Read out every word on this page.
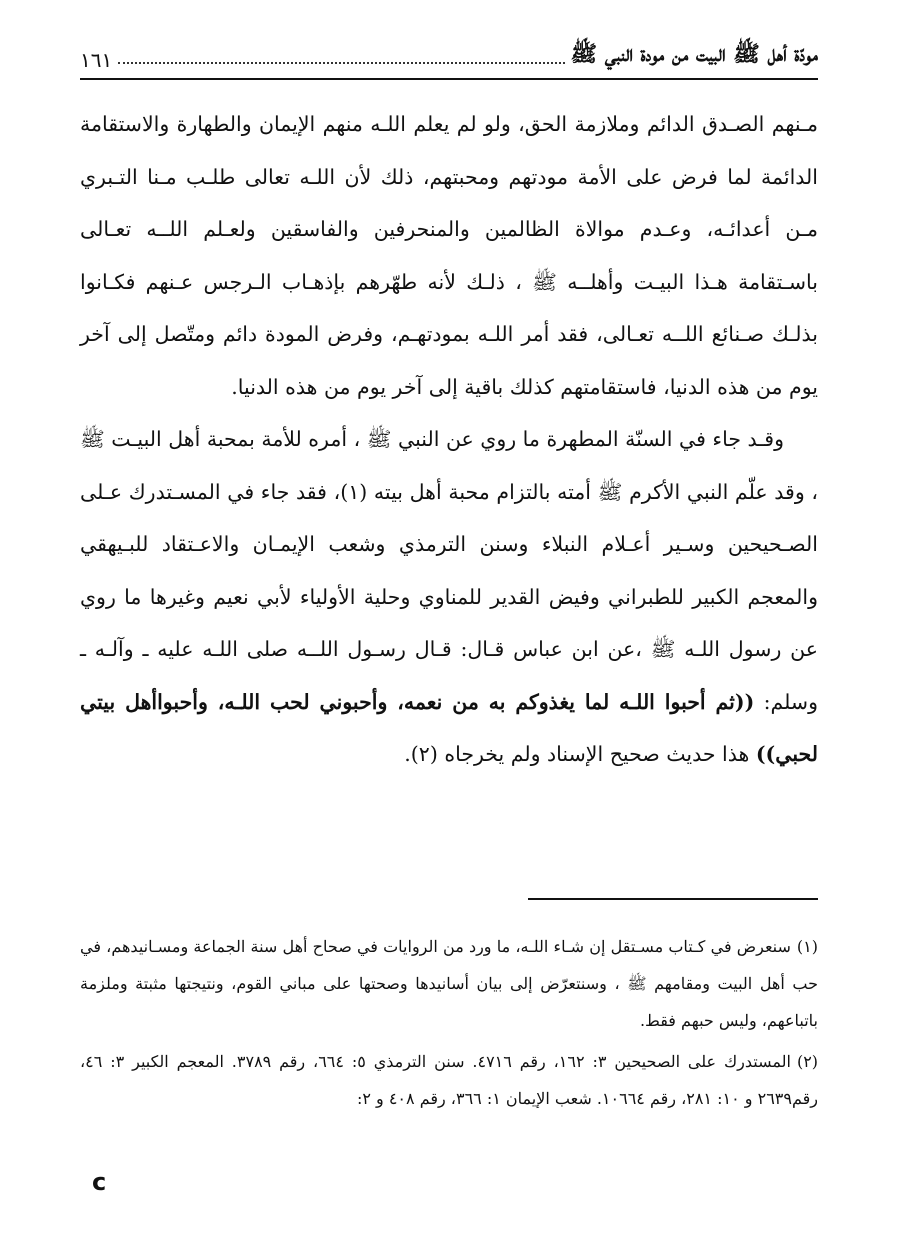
مودّة أهل ﷺ البيت من مودة النبي ﷺ
١٦١

مـنهم الصـدق الدائم وملازمة الحق، ولو لم يعلم اللـه منهم الإيمان والطهارة والاستقامة الدائمة لما فرض على الأمة مودتهم ومحبتهم، ذلك لأن اللـه تعالى طلـب مـنا التـبري مـن أعدائـه، وعـدم موالاة الظالمين والمنحرفين والفاسقين ولعـلم اللــه تعـالى باسـتقامة هـذا البيـت وأهلــه ﷺ ، ذلـك لأنه طهّرهم بإذهـاب الـرجس عـنهم فكـانوا بذلـك صـنائع اللــه تعـالى، فقد أمر اللـه بمودتهـم، وفرض المودة دائم ومتّصل إلى آخر يوم من هذه الدنيا، فاستقامتهم كذلك باقية إلى آخر يوم من هذه الدنيا.

وقـد جاء في السنّة المطهرة ما روي عن النبي ﷺ ، أمره للأمة بمحبة أهل البيـت ﷺ ، وقد علّم النبي الأكرم ﷺ أمته بالتزام محبة أهل بيته (١)، فقد جاء في المسـتدرك عـلى الصـحيحين وسـير أعـلام النبلاء وسنن الترمذي وشعب الإيمـان والاعـتقاد للبـيهقي والمعجم الكبير للطبراني وفيض القدير للمناوي وحلية الأولياء لأبي نعيم وغيرها ما روي عن رسول اللـه ﷺ ،عن ابن عباس قـال: قـال رسـول اللــه صلى اللـه عليه ـ وآلـه ـ وسلم: ((ثم أحبوا اللـه لما يغذوكم به من نعمه، وأحبوني لحب اللـه، وأحبواأهل بيتي لحبي)) هذا حديث صحيح الإسناد ولم يخرجاه (٢).

(١)سنعرض في كـتاب مسـتقل إن شـاء اللـه، ما ورد من الروايات في صحاح أهل سنة الجماعة ومسـانيدهم، في حب أهل البيت ومقامهم ﷺ ، وسنتعرّض إلى بيان أسانيدها وصحتها على مباني القوم، ونتيجتها مثبتة وملزمة باتباعهم، وليس حبهم فقط.

(٢)المستدرك على الصحيحين ٣: ١٦٢، رقم ٤٧١٦. سنن الترمذي ٥: ٦٦٤، رقم ٣٧٨٩. المعجم الكبير ٣: ٤٦، رقم٢٦٣٩ و ١٠: ٢٨١، رقم ١٠٦٦٤. شعب الإيمان ١: ٣٦٦، رقم ٤٠٨ و ٢:

c
